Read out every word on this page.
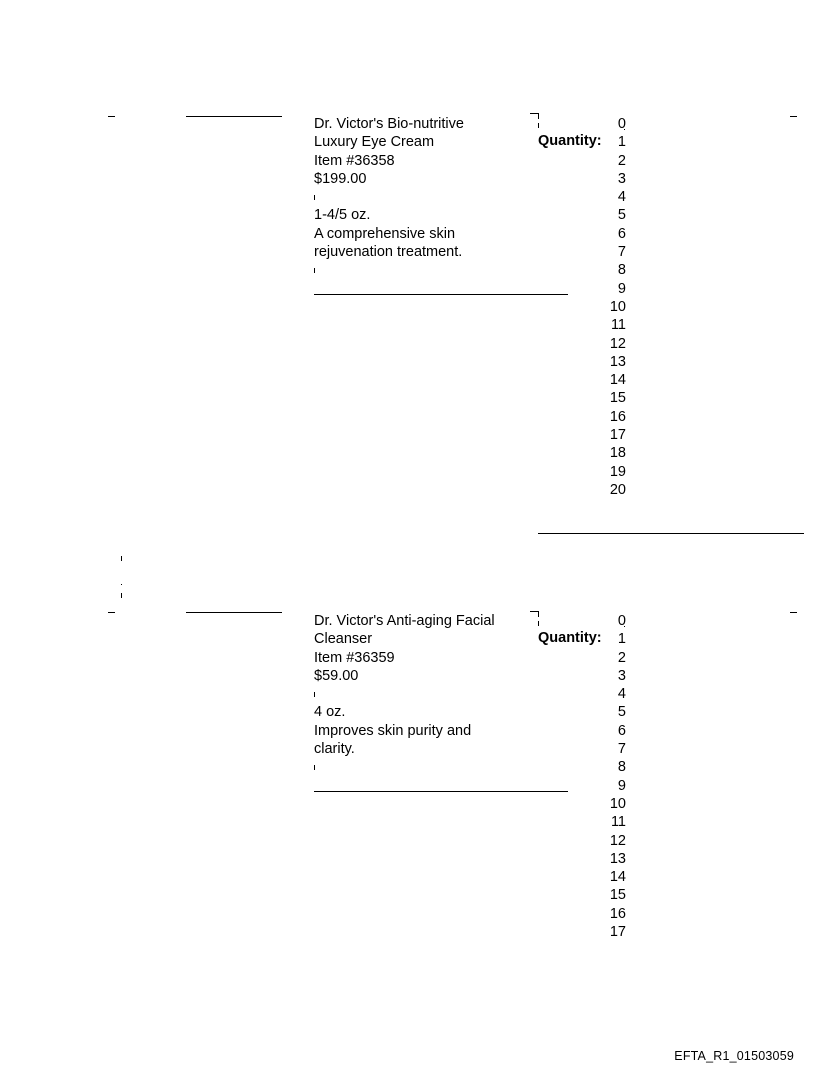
Dr. Victor's Bio-nutritive
Luxury Eye Cream
Item #36358
$199.00
1-4/5 oz.
A comprehensive skin
rejuvenation treatment.
Quantity:
0
1
2
3
4
5
6
7
8
9
10
11
12
13
14
15
16
17
18
19
20
Dr. Victor's Anti-aging Facial
Cleanser
Item #36359
$59.00
4 oz.
Improves skin purity and
clarity.
Quantity:
0
1
2
3
4
5
6
7
8
9
10
11
12
13
14
15
16
17
EFTA_R1_01503059
